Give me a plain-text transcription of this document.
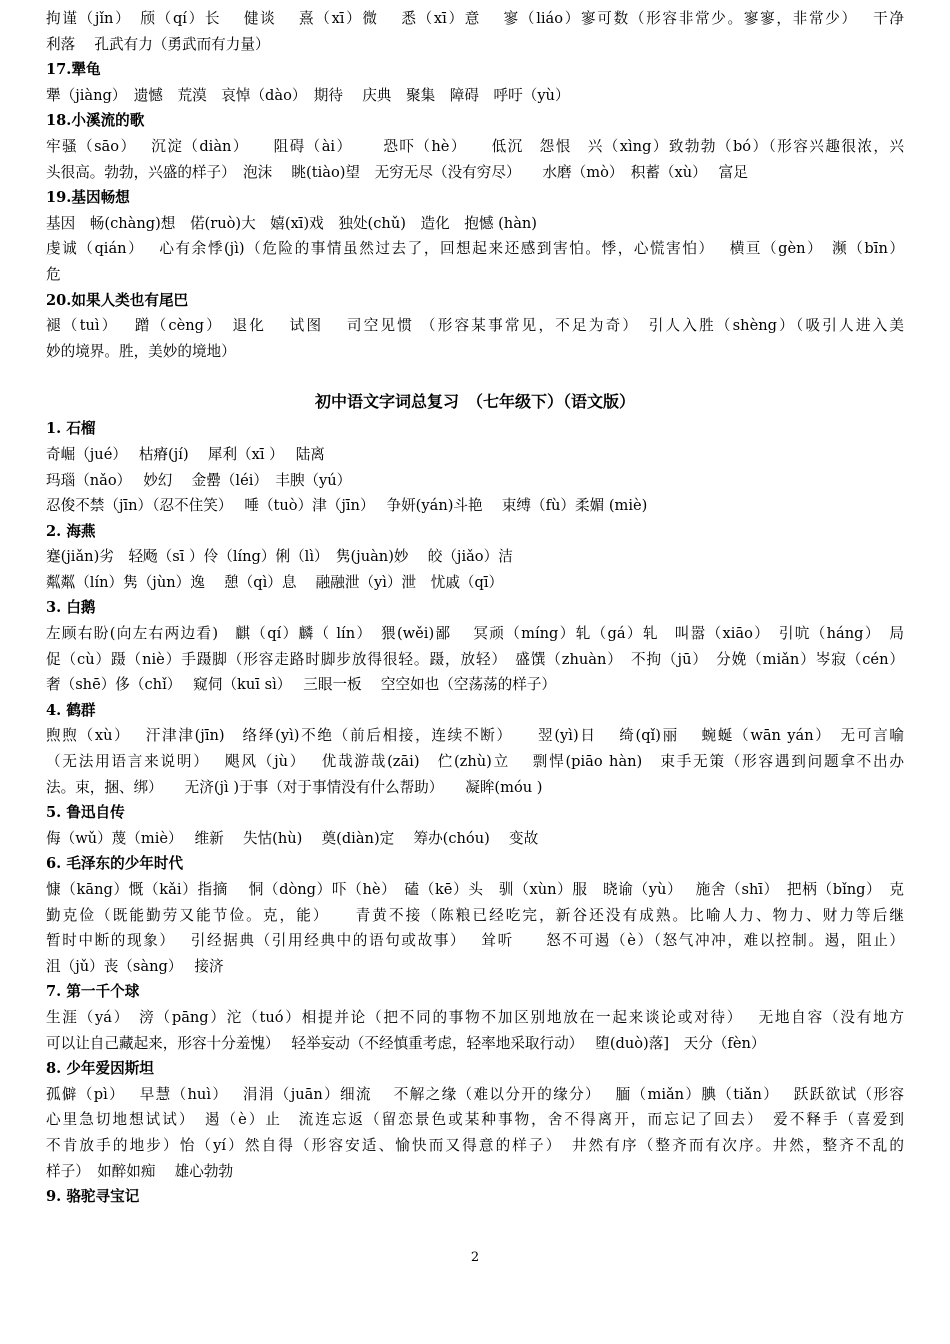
拘谨（jǐn）　颀（qí）长　 健谈　 熹（xī）微　 悉（xī）意　 寥（liáo）寥可数（形容非常少。寥寥，非常少）　 干净
利落　 孔武有力（勇武而有力量）
17.犟龟
犟（jiàng）　遗憾　荒漠　哀悼（dào）　期待　 庆典　聚集　障碍　呼吁（yù）
18.小溪流的歌
牢骚（sāo）　 沉淀（diàn）　　阻碍（ài）　 　恐吓（hè）　　低沉　怨恨　兴（xìng）致勃勃（bó）（形容兴趣很浓，兴
头很高。勃勃，兴盛的样子）　泡沫　 眺(tiào)望　无穷无尽（没有穷尽）　　水磨（mò）　积蓄（xù）　 富足
19.基因畅想
基因　畅(chàng)想　偌(ruò)大　嬉(xī)戏　独处(chǔ)　造化　抱憾 (hàn)
虔诚（qián）　 心有余悸(jì)（危险的事情虽然过去了，回想起来还感到害怕。悸，心慌害怕）　 横亘（gèn）　濒（bīn）
危
20.如果人类也有尾巴
褪（tuì）　 蹭（cèng）　退化　 试图　 司空见惯 （形容某事常见，不足为奇）　引人入胜（shèng）（吸引人进入美
妙的境界。胜，美妙的境地）
初中语文字词总复习　（七年级下）（语文版）
1. 石榴
奇崛（jué）　 枯瘠(jí)　 犀利（xī ）　 陆离
玛瑙（nǎo）　 妙幻　 金罍（léi）　丰腴（yú）
忍俊不禁（jīn）（忍不住笑）　 唾（tuò）津（jīn）　 争妍(yán)斗艳　 束缚（fù）柔媚 (miè)
2. 海燕
蹇(jiǎn)劣　轻飏（sī ）伶（líng）俐（lì）　隽(juàn)妙　 皎（jiǎo）洁
粼粼（lín）隽（jùn）逸　 憩（qì）息　 融融泄（yì）泄　忧戚（qī）
3. 白鹅
左顾右盼(向左右两边看)　麒（qí）麟（ lín）　猥(wěi)鄙　 冥顽（míng）轧（gá）轧　叫嚣（xiāo）　引吭（háng）　局
促（cù）蹑（niè）手蹑脚（形容走路时脚步放得很轻。蹑，放轻）　盛馔（zhuàn）　不拘（jū）　分娩（miǎn）岑寂（cén）
奢（shē）侈（chǐ）　 窥伺（kuī sì）　 三眼一板　 空空如也（空荡荡的样子）
4. 鹤群
煦煦（xù）　 汗津津(jīn)　络绎(yì)不绝（前后相接，连续不断）　　翌(yì)日　 绮(qǐ)丽　 蜿蜒（wān yán）　无可言喻
（无法用语言来说明）　 飓风（jù）　 优哉游哉(zāi)　伫(zhù)立　 剽悍(piāo hàn)　束手无策（形容遇到问题拿不出办
法。束，捆、绑）　　无济(jì )于事（对于事情没有什么帮助）　　凝眸(móu )
5. 鲁迅自传
侮（wǔ）蔑（miè）　 维新　 失怙(hù)　 奠(diàn)定　 筹办(chóu)　 变故
6. 毛泽东的少年时代
慷（kāng）慨（kǎi）指摘　 恫（dòng）吓（hè）　磕（kē）头　驯（xùn）服　晓谕（yù）　 施舍（shī）　把柄（bǐng）　克
勤克俭（既能勤劳又能节俭。克，能）　　青黄不接（陈粮已经吃完，新谷还没有成熟。比喻人力、物力、财力等后继
暂时中断的现象）　 引经据典（引用经典中的语句或故事）　 耸听　　怒不可遏（è）（怒气冲冲，难以控制。遏，阻止）
沮（jǔ）丧（sàng）　 接济
7. 第一千个球
生涯（yá）　滂（pāng）沱（tuó）相提并论（把不同的事物不加区别地放在一起来谈论或对待）　 无地自容（没有地方
可以让自己藏起来，形容十分羞愧）　 轻举妄动（不经慎重考虑，轻率地采取行动）　 堕(duò)落]　天分（fèn）
8. 少年爱因斯坦
孤僻（pì）　 早慧（huì）　 涓涓（juān）细流　 不解之缘（难以分开的缘分）　 腼（miǎn）腆（tiǎn）　 跃跃欲试（形容
心里急切地想试试）　遏（è）止　流连忘返（留恋景色或某种事物，舍不得离开，而忘记了回去）　爱不释手（喜爱到
不肯放手的地步）怡（yí）然自得（形容安适、愉快而又得意的样子）　井然有序（整齐而有次序。井然，整齐不乱的
样子）　如醉如痴　 雄心勃勃
9. 骆驼寻宝记
2
